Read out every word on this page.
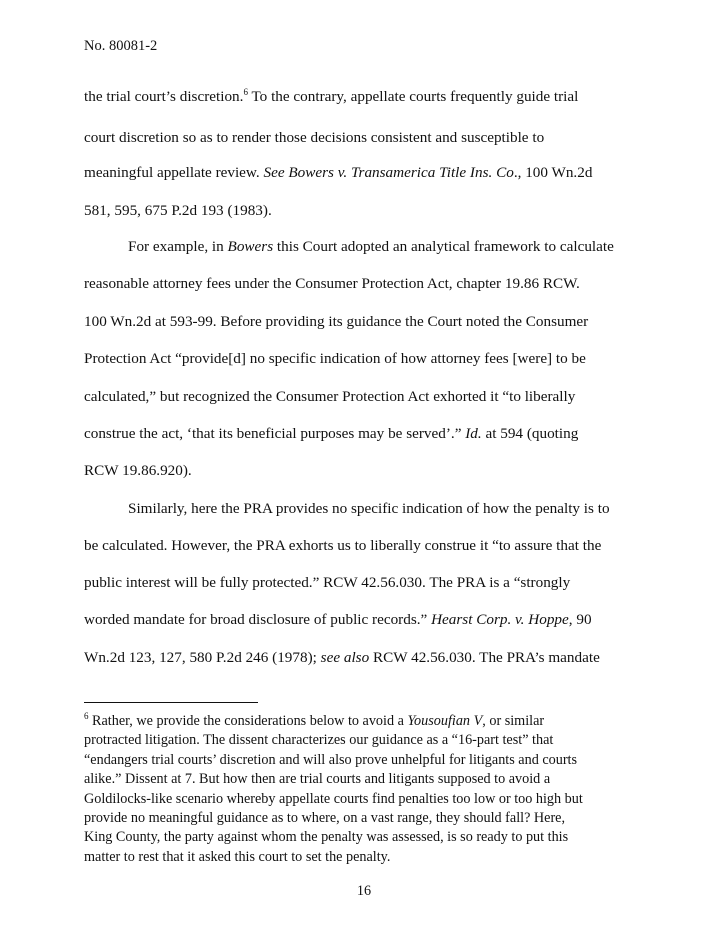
No. 80081-2
the trial court’s discretion.$^6$ To the contrary, appellate courts frequently guide trial
court discretion so as to render those decisions consistent and susceptible to
meaningful appellate review. See Bowers v. Transamerica Title Ins. Co., 100 Wn.2d
581, 595, 675 P.2d 193 (1983).
For example, in Bowers this Court adopted an analytical framework to calculate
reasonable attorney fees under the Consumer Protection Act, chapter 19.86 RCW.
100 Wn.2d at 593-99. Before providing its guidance the Court noted the Consumer
Protection Act “provide[d] no specific indication of how attorney fees [were] to be
calculated,” but recognized the Consumer Protection Act exhorted it “to liberally
construe the act, ‘that its beneficial purposes may be served’.” Id. at 594 (quoting
RCW 19.86.920).
Similarly, here the PRA provides no specific indication of how the penalty is to
be calculated. However, the PRA exhorts us to liberally construe it “to assure that the
public interest will be fully protected.” RCW 42.56.030. The PRA is a “strongly
worded mandate for broad disclosure of public records.” Hearst Corp. v. Hoppe, 90
Wn.2d 123, 127, 580 P.2d 246 (1978); see also RCW 42.56.030. The PRA’s mandate
$^6$ Rather, we provide the considerations below to avoid a Yousoufian V, or similar
protracted litigation. The dissent characterizes our guidance as a “16-part test” that
“endangers trial courts’ discretion and will also prove unhelpful for litigants and courts
alike.” Dissent at 7. But how then are trial courts and litigants supposed to avoid a
Goldilocks-like scenario whereby appellate courts find penalties too low or too high but
provide no meaningful guidance as to where, on a vast range, they should fall? Here,
King County, the party against whom the penalty was assessed, is so ready to put this
matter to rest that it asked this court to set the penalty.
16
